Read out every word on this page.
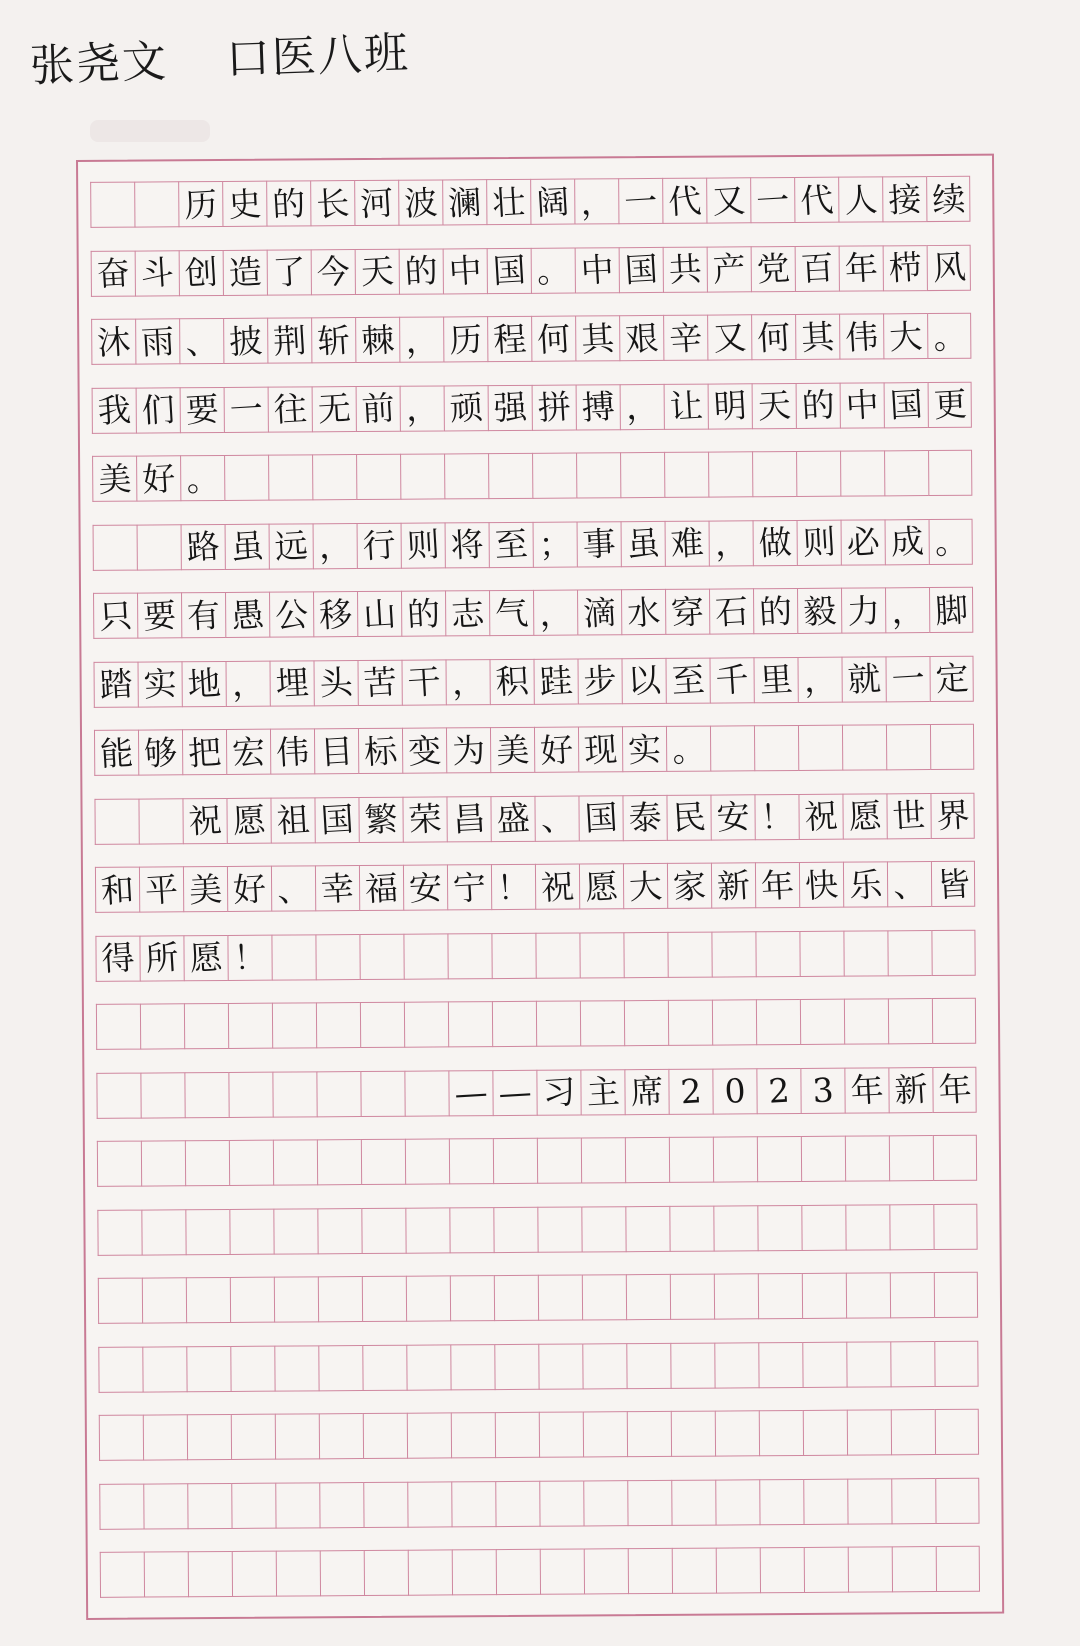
张尧文 口医八班
历 史 的 长 河 波 澜 壮 阔 ， 一 代 又 一 代 人 接 续
奋 斗 创 造 了 今 天 的 中 国 。 中 国 共 产 党 百 年 栉 风
沐 雨 、 披 荆 斩 棘 ， 历 程 何 其 艰 辛 又 何 其 伟 大 。
我 们 要 一 往 无 前 ， 顽 强 拼 搏 ， 让 明 天 的 中 国 更
美 好 。
路 虽 远 ， 行 则 将 至 ； 事 虽 难 ， 做 则 必 成 。
只 要 有 愚 公 移 山 的 志 气 ， 滴 水 穿 石 的 毅 力 ， 脚
踏 实 地 ， 埋 头 苦 干 ， 积 跬 步 以 至 千 里 ， 就 一 定
能 够 把 宏 伟 目 标 变 为 美 好 现 实 。
祝 愿 祖 国 繁 荣 昌 盛 、 国 泰 民 安 ！ 祝 愿 世 界
和 平 美 好 、 幸 福 安 宁 ！ 祝 愿 大 家 新 年 快 乐 、 皆
得 所 愿 ！
— — 习 主 席 2 0 2 3 年 新 年
